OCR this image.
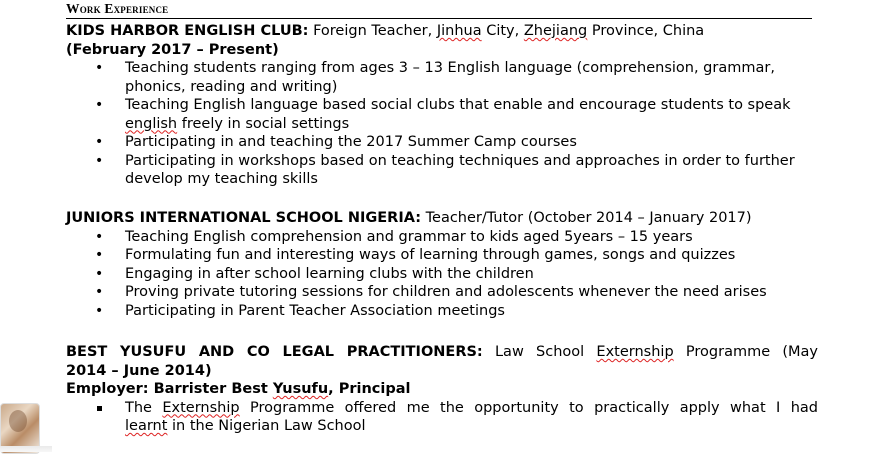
Work Experience
KIDS HARBOR ENGLISH CLUB: Foreign Teacher, Jinhua City, Zhejiang Province, China
(February 2017 – Present)
• Teaching students ranging from ages 3 – 13 English language (comprehension, grammar, phonics, reading and writing)
• Teaching English language based social clubs that enable and encourage students to speak english freely in social settings
• Participating in and teaching the 2017 Summer Camp courses
• Participating in workshops based on teaching techniques and approaches in order to further develop my teaching skills
JUNIORS INTERNATIONAL SCHOOL NIGERIA: Teacher/Tutor (October 2014 – January 2017)
• Teaching English comprehension and grammar to kids aged 5years – 15 years
• Formulating fun and interesting ways of learning through games, songs and quizzes
• Engaging in after school learning clubs with the children
• Proving private tutoring sessions for children and adolescents whenever the need arises
• Participating in Parent Teacher Association meetings
BEST YUSUFU AND CO LEGAL PRACTITIONERS: Law School Externship Programme (May
2014 – June 2014)
Employer: Barrister Best Yusufu, Principal
The Externship Programme offered me the opportunity to practically apply what I had
learnt in the Nigerian Law School
